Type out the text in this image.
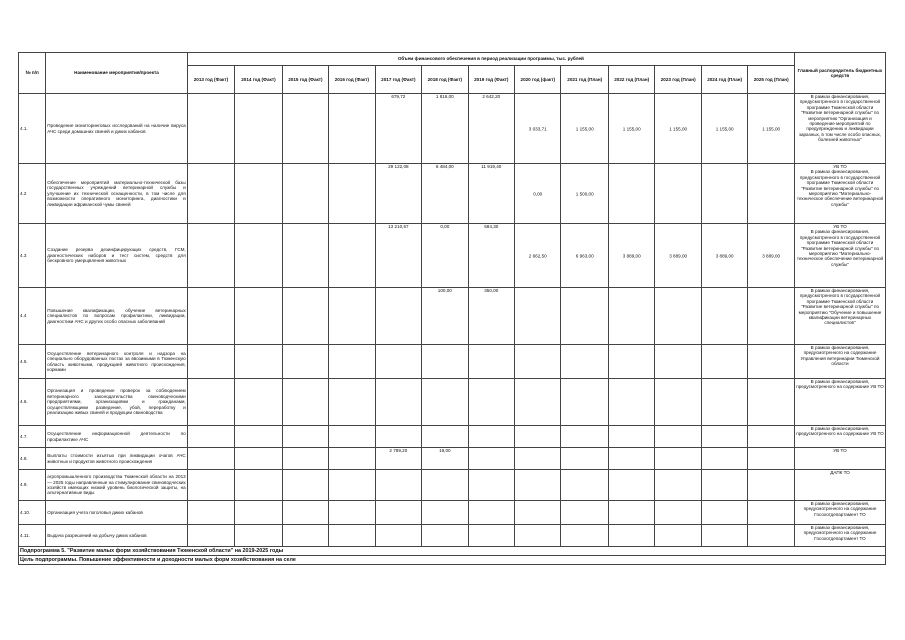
№ п/п	Наименование мероприятия/проекта	Объем финансового обеспечения в период реализации программы, тыс. рублей													Главный распорядитель бюджетных средств
		2013 год (Факт)	2014 год (Факт)	2015 год (Факт)	2016 год (Факт)	2017 год (Факт)	2018 год (Факт)	2019 год (Факт)	2020 год (факт)	2021 год (План)	2022 год (План)	2023 год (План)	2024 год (План)	2025 год (План)	
4.1.	Проведение мониторинговых исследований на наличие вируса АЧС среди домашних свиней и диких кабанов					679,72	1 816,00	2 642,20	3 033,71	1 155,00	1 155,00	1 155,00	1 155,00	1 155,00	В рамках финансирования, предусмотренного в государственной программе Тюменской области "Развитие ветеринарной службы" по мероприятию "Организация и проведение мероприятий по предупреждению и ликвидации заразных, в том числе особо опасных, болезней животных"
4.2	Обеспечение мероприятий материально-технической базы государственных учреждений ветеринарной службы и улучшение их технической оснащенности, в том числе для возможности оперативного мониторинга, диагностики и ликвидации африканской чумы свиней					29 122,08	6 484,00	11 919,40	0,00	1 500,00					УВ ТО
В рамках финансирования, предусмотренного в государственной программе Тюменской области "Развитие ветеринарной службы" по мероприятию "Материально-техническое обеспечение ветеринарной службы"
4.3	Создание резерва дезинфицирующих средств, ГСМ, диагностических наборов и тест систем, средств для бескровного умерщвления животных					13 210,57	0,00	584,30	2 662,50	6 963,00	3 889,00	3 889,00	3 889,00	3 889,00	УВ ТО
В рамках финансирования, предусмотренного в государственной программе Тюменской области "Развитие ветеринарной службы" по мероприятию "Материально-техническое обеспечение ветеринарной службы"
4.4	Повышение квалификации, обучение ветеринарных специалистов по вопросам профилактики, ликвидации, диагностики АЧС и других особо опасных заболеваний						100,00	350,00							В рамках финансирования, предусмотренного в государственной программе Тюменской области "Развитие ветеринарной службы" по мероприятию "Обучение и повышение квалификации ветеринарных специалистов"
4.5.	Осуществление ветеринарного контроля и надзора на специально оборудованных постах за ввозимыми в Тюменскую область животными, продукцией животного происхождения, кормами														В рамках финансирования, предусмотренного на содержание Управления ветеринарии Тюменской области
4.6.	Организация и проведение проверок за соблюдением ветеринарного законодательства свиноводческими предприятиями, организациями и гражданами, осуществляющими разведение, убой, переработку и реализацию живых свиней и продукции свиноводства														В рамках финансирования, предусмотренного на содержание УВ ТО
4.7.	Осуществление информационной деятельности по профилактике АЧС														В рамках финансирования, предусмотренного на содержание УВ ТО
4.8.	Выплаты стоимости изъятых при ликвидации очагов АЧС животных и продуктов животного происхождения					2 789,20	19,00								УВ ТО
4.9.	агропромышленного производства Тюменской области на 2013 — 2025 годы направленные на стимулирование свиноводческих хозяйств имеющих низкий уровень биологической защиты, на альтернативные виды														ДАПК ТО
4.10.	Организация учета поголовья диких кабанов														В рамках финансирования, предусмотренного на содержание Госохотдепартамент ТО
4.11.	Выдача разрешений на добычу диких кабанов														В рамках финансирования, предусмотренного на содержание Госохотдепартамент ТО
Подпрограмма 5. "Развитие малых форм хозяйствования Тюменской области" на 2019-2025 годы															
Цель подпрограммы. Повышение эффективности и доходности малых форм хозяйствования на селе															
